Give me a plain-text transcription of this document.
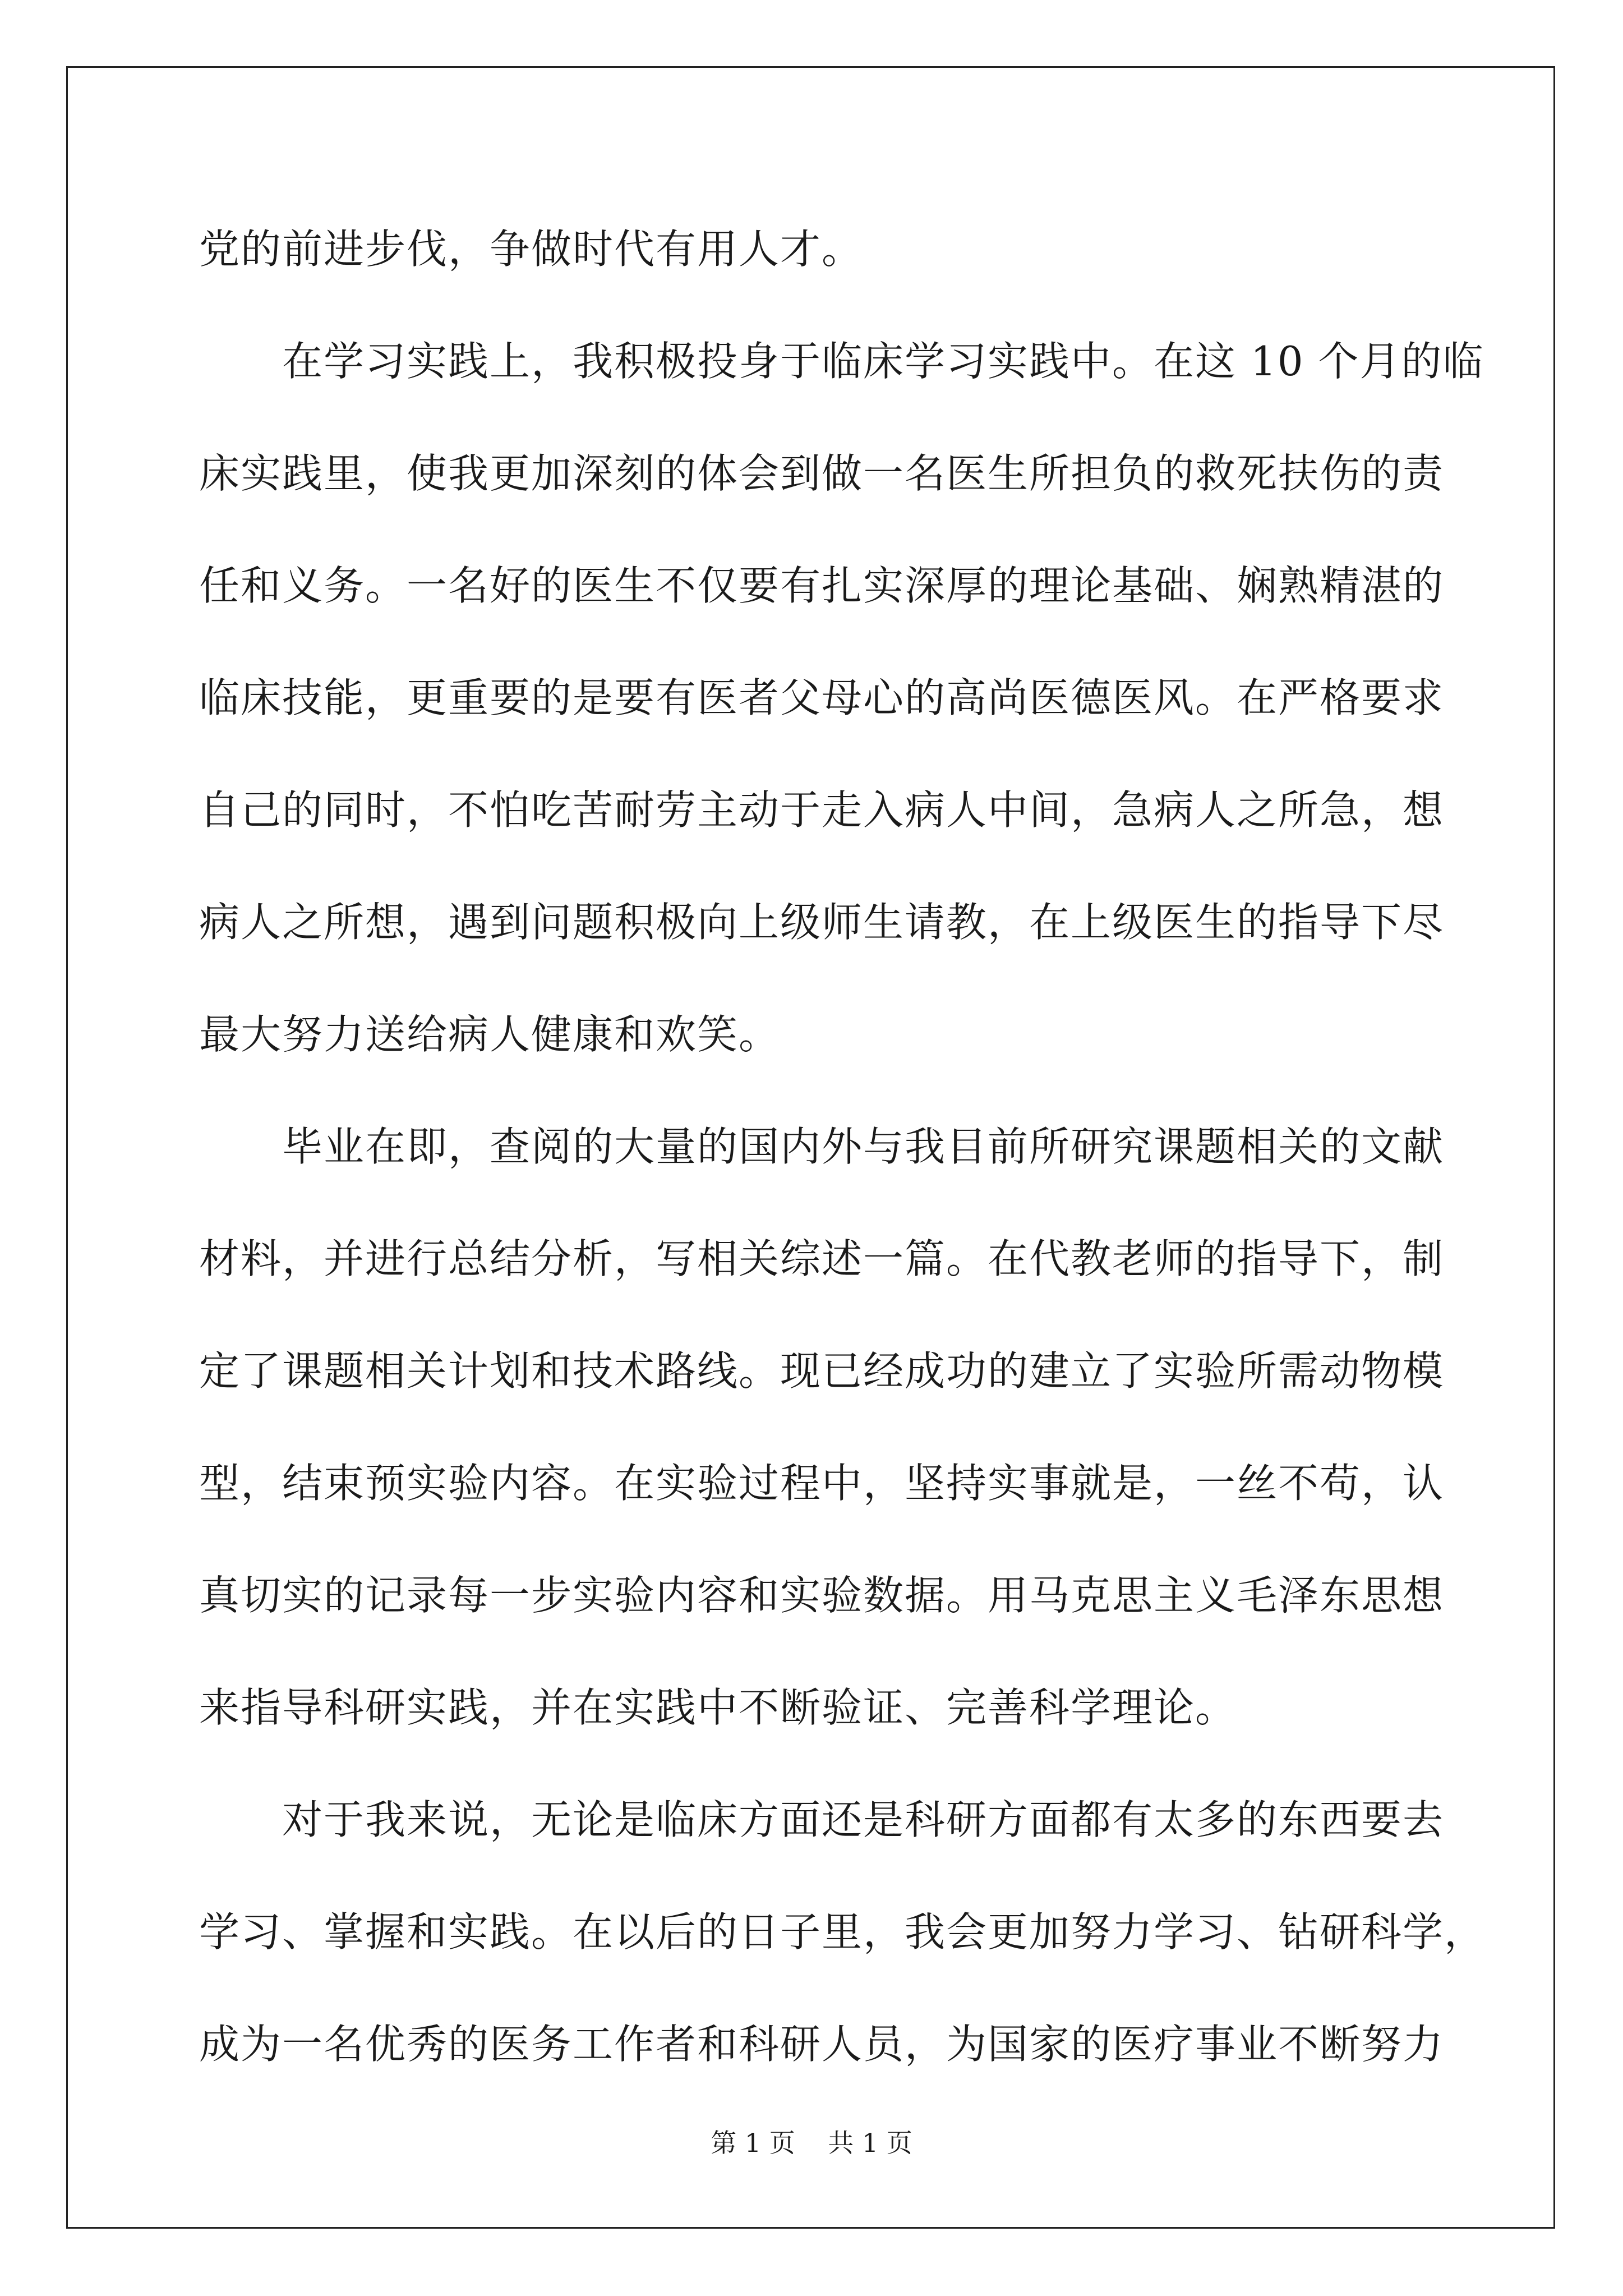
党的前进步伐，争做时代有用人才。
在学习实践上，我积极投身于临床学习实践中。在这 10 个月的临
床实践里，使我更加深刻的体会到做一名医生所担负的救死扶伤的责
任和义务。一名好的医生不仅要有扎实深厚的理论基础、娴熟精湛的
临床技能，更重要的是要有医者父母心的高尚医德医风。在严格要求
自己的同时，不怕吃苦耐劳主动于走入病人中间，急病人之所急，想
病人之所想，遇到问题积极向上级师生请教，在上级医生的指导下尽
最大努力送给病人健康和欢笑。
毕业在即，查阅的大量的国内外与我目前所研究课题相关的文献
材料，并进行总结分析，写相关综述一篇。在代教老师的指导下，制
定了课题相关计划和技术路线。现已经成功的建立了实验所需动物模
型，结束预实验内容。在实验过程中，坚持实事就是，一丝不苟，认
真切实的记录每一步实验内容和实验数据。用马克思主义毛泽东思想
来指导科研实践，并在实践中不断验证、完善科学理论。
对于我来说，无论是临床方面还是科研方面都有太多的东西要去
学习、掌握和实践。在以后的日子里，我会更加努力学习、钻研科学，
成为一名优秀的医务工作者和科研人员，为国家的医疗事业不断努力
第 1 页    共 1 页
